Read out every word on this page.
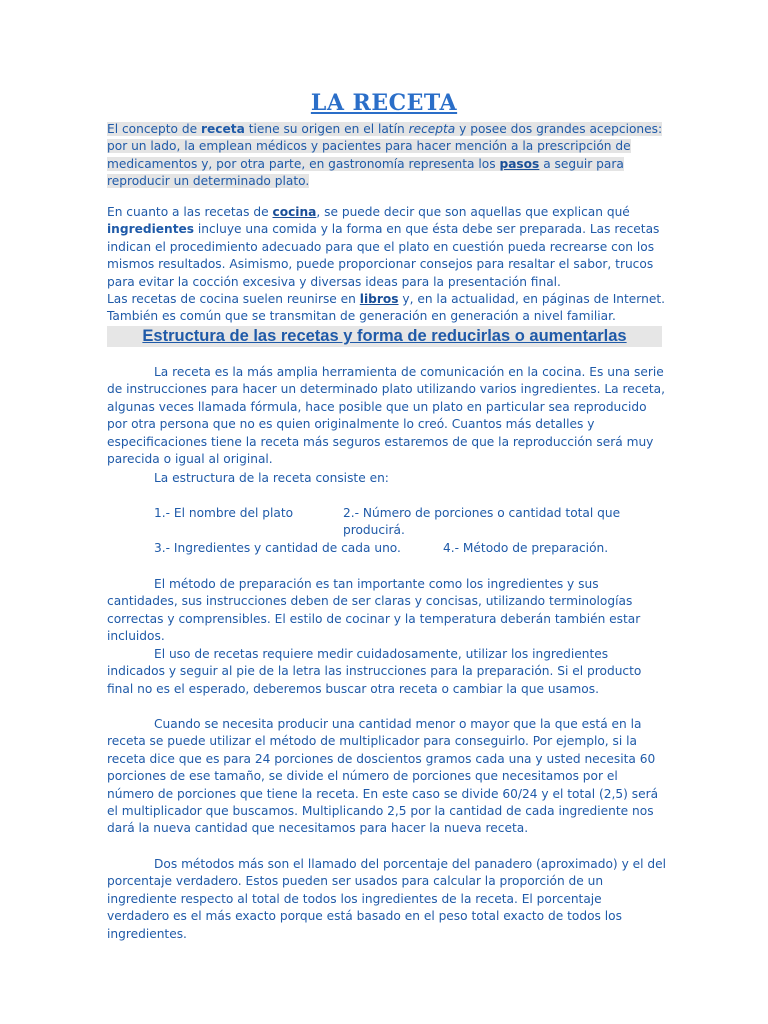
LA RECETA

El concepto de receta tiene su origen en el latín recepta y posee dos grandes acepciones: por un lado, la emplean médicos y pacientes para hacer mención a la prescripción de medicamentos y, por otra parte, en gastronomía representa los pasos a seguir para reproducir un determinado plato.

En cuanto a las recetas de cocina, se puede decir que son aquellas que explican qué ingredientes incluye una comida y la forma en que ésta debe ser preparada. Las recetas indican el procedimiento adecuado para que el plato en cuestión pueda recrearse con los mismos resultados. Asimismo, puede proporcionar consejos para resaltar el sabor, trucos para evitar la cocción excesiva y diversas ideas para la presentación final.
Las recetas de cocina suelen reunirse en libros y, en la actualidad, en páginas de Internet. También es común que se transmitan de generación en generación a nivel familiar.

Estructura de las recetas y forma de reducirlas o aumentarlas

La receta es la más amplia herramienta de comunicación en la cocina. Es una serie de instrucciones para hacer un determinado plato utilizando varios ingredientes. La receta, algunas veces llamada fórmula, hace posible que un plato en particular sea reproducido por otra persona que no es quien originalmente lo creó. Cuantos más detalles y especificaciones tiene la receta más seguros estaremos de que la reproducción será muy parecida o igual al original.

La estructura de la receta consiste en:

1.- El nombre del plato	2.- Número de porciones o cantidad total que producirá.
3.- Ingredientes y cantidad de cada uno.	4.- Método de preparación.

El método de preparación es tan importante como los ingredientes y sus cantidades, sus instrucciones deben de ser claras y concisas, utilizando terminologías correctas y comprensibles. El estilo de cocinar y la temperatura deberán también estar incluidos.

El uso de recetas requiere medir cuidadosamente, utilizar los ingredientes indicados y seguir al pie de la letra las instrucciones para la preparación. Si el producto final no es el esperado, deberemos buscar otra receta o cambiar la que usamos.

Cuando se necesita producir una cantidad menor o mayor que la que está en la receta se puede utilizar el método de multiplicador para conseguirlo. Por ejemplo, si la receta dice que es para 24 porciones de doscientos gramos cada una y usted necesita 60 porciones de ese tamaño, se divide el número de porciones que necesitamos por el número de porciones que tiene la receta. En este caso se divide 60/24 y el total (2,5) será el multiplicador que buscamos. Multiplicando 2,5 por la cantidad de cada ingrediente nos dará la nueva cantidad que necesitamos para hacer la nueva receta.

Dos métodos más son el llamado del porcentaje del panadero (aproximado) y el del porcentaje verdadero. Estos pueden ser usados para calcular la proporción de un ingrediente respecto al total de todos los ingredientes de la receta. El porcentaje verdadero es el más exacto porque está basado en el peso total exacto de todos los ingredientes.
